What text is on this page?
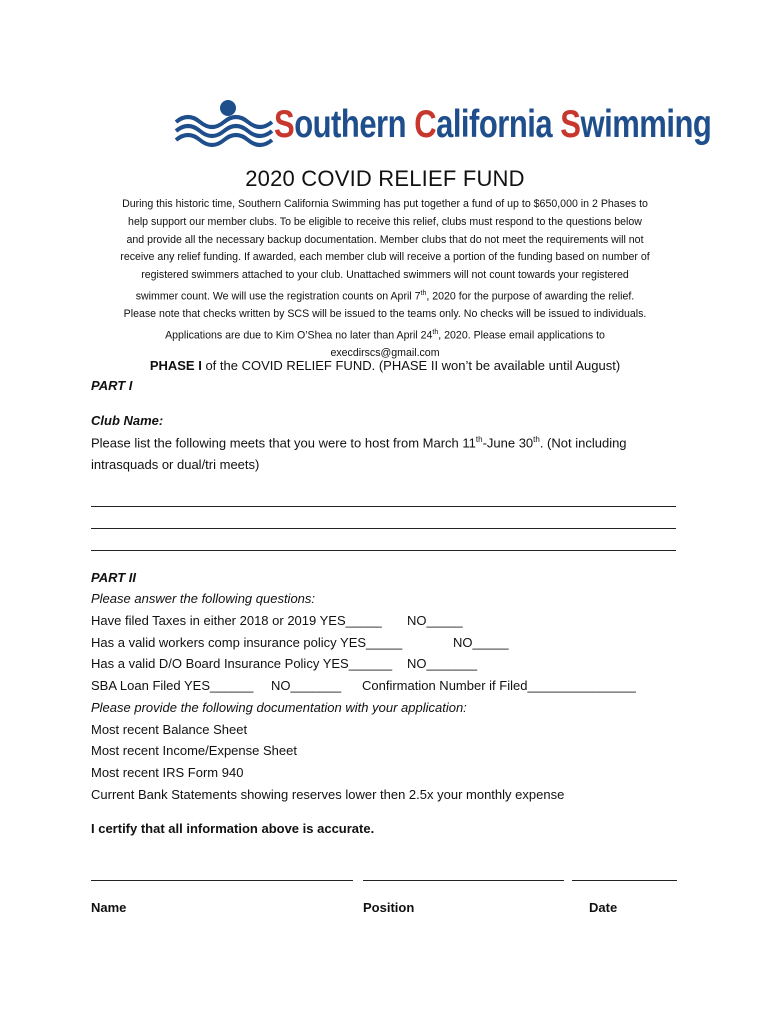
Southern California Swimming
2020 COVID RELIEF FUND

During this historic time, Southern California Swimming has put together a fund of up to $650,000 in 2 Phases to

help support our member clubs. To be eligible to receive this relief, clubs must respond to the questions below

and provide all the necessary backup documentation. Member clubs that do not meet the requirements will not

receive any relief funding. If awarded, each member club will receive a portion of the funding based on number of

registered swimmers attached to your club. Unattached swimmers will not count towards your registered

swimmer count. We will use the registration counts on April 7th, 2020 for the purpose of awarding the relief.

Please note that checks written by SCS will be issued to the teams only. No checks will be issued to individuals.

Applications are due to Kim O’Shea no later than April 24th, 2020. Please email applications to

execdirscs@gmail.com

PHASE I of the COVID RELIEF FUND. (PHASE II won’t be available until August)
PART I
Club Name:
Please list the following meets that you were to host from March 11th-June 30th. (Not including
intrasquads or dual/tri meets)
PART II
Please answer the following questions:
Have filed Taxes in either 2018 or 2019 YES_____ NO_____
Has a valid workers comp insurance policy YES_____	NO_____
Has a valid D/O Board Insurance Policy YES______ NO_______
SBA Loan Filed YES______ NO_______ Confirmation Number if Filed_______________
Please provide the following documentation with your application:
Most recent Balance Sheet
Most recent Income/Expense Sheet
Most recent IRS Form 940
Current Bank Statements showing reserves lower then 2.5x your monthly expense
I certify that all information above is accurate.
Name	Position	Date
